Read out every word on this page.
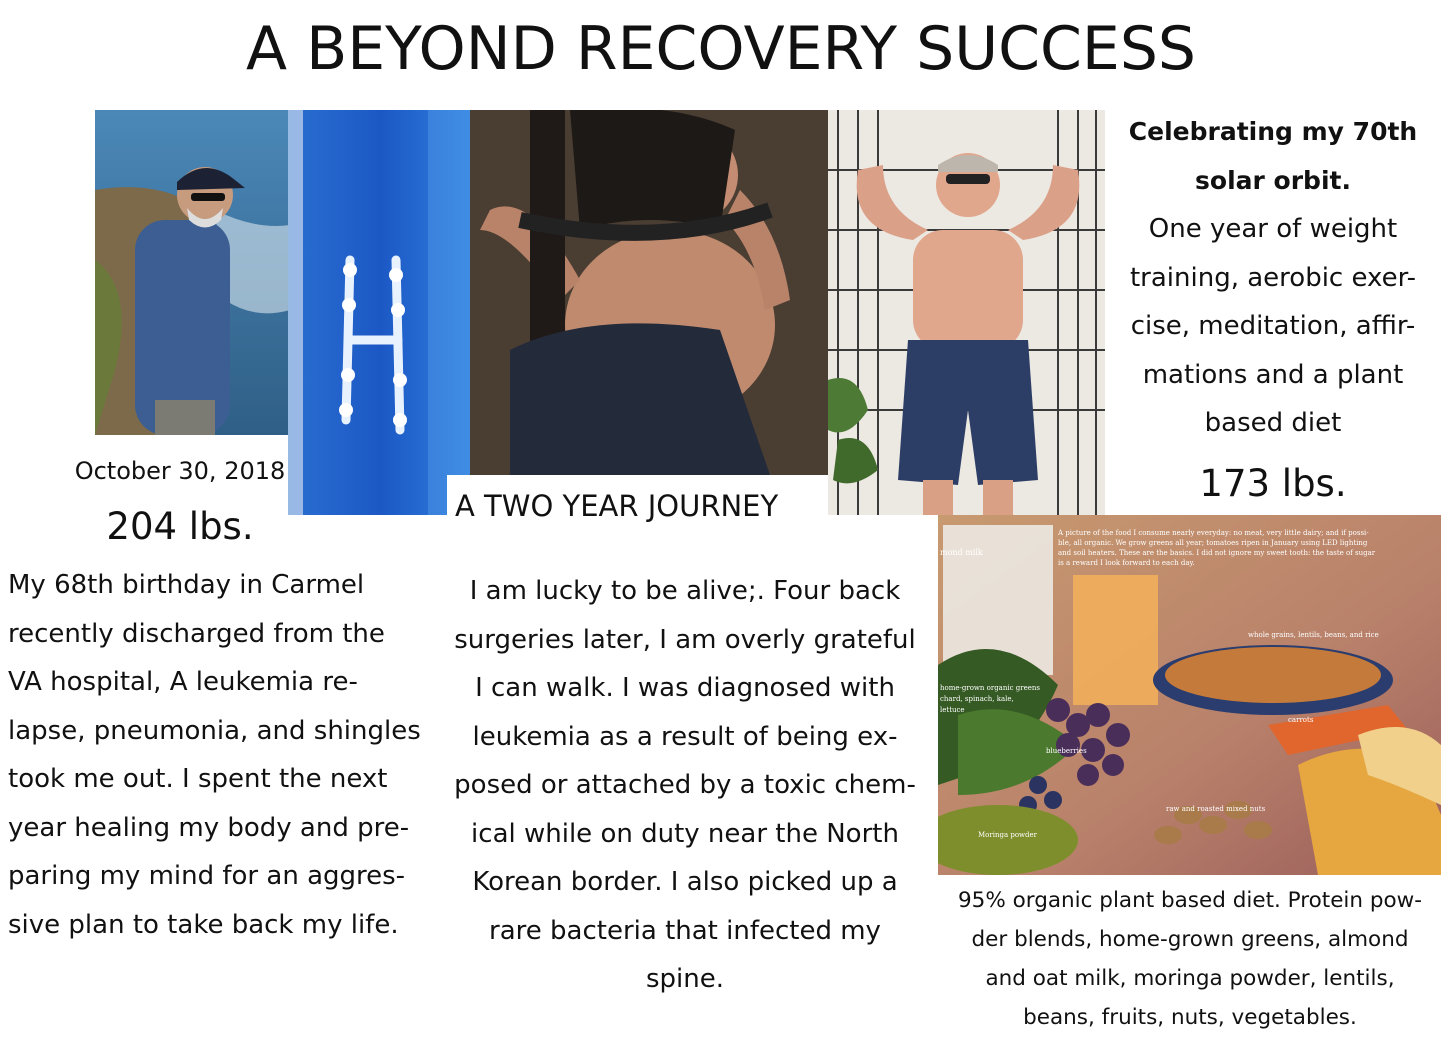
A BEYOND RECOVERY SUCCESS
October 30, 2018
204 lbs.
My 68th birthday in Carmel
recently discharged from the
VA hospital, A leukemia re-
lapse, pneumonia, and shingles
took me out. I spent the next
year healing my body and pre-
paring my mind for an aggres-
sive plan to take back my life.
A TWO YEAR JOURNEY
I am lucky to be alive;. Four back
surgeries later, I am overly grateful
I can walk. I was diagnosed with
leukemia as a result of being ex-
posed or attached by a toxic chem-
ical while on duty near the North
Korean border. I also picked up a
rare bacteria that infected my
spine.
Celebrating my 70th
solar orbit.
One year of weight
training, aerobic exer-
cise, meditation, affir-
mations and a plant
based diet
173 lbs.
A picture of the food I consume nearly everyday: no meat, very little dairy; and if possi-
ble, all organic. We grow greens all year; tomatoes ripen in January using LED lighting
and soil heaters. These are the basics. I did not ignore my sweet tooth: the taste of sugar
is a reward I look forward to each day.
mond milk
whole grains, lentils, beans, and rice
home-grown organic greens
chard, spinach, kale,
lettuce
blueberries
carrots
raw and roasted mixed nuts
Moringa powder
95% organic plant based diet. Protein pow-
der blends, home-grown greens, almond
and oat milk, moringa powder, lentils,
beans, fruits, nuts, vegetables.
